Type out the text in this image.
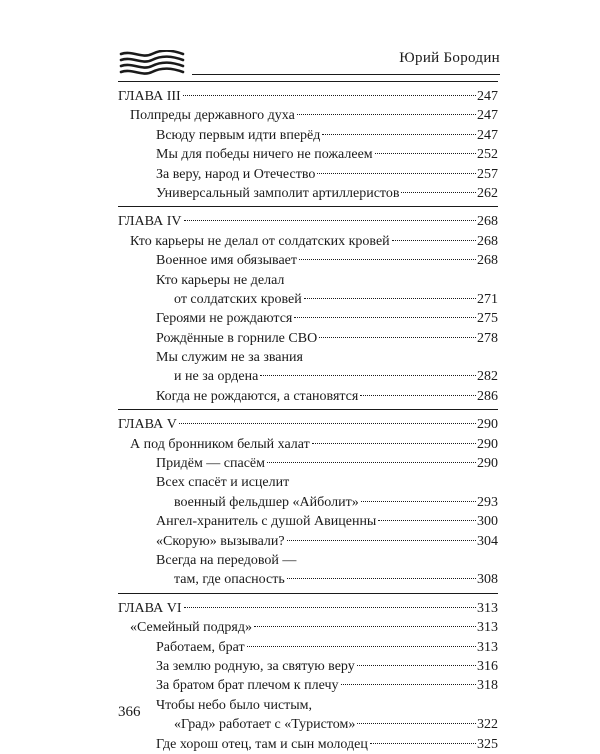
Юрий Бородин
ГЛАВА III	247
Полпреды державного духа	247
Всюду первым идти вперёд	247
Мы для победы ничего не пожалеем	252
За веру, народ и Отечество	257
Универсальный замполит артиллеристов	262
ГЛАВА IV	268
Кто карьеры не делал от солдатских кровей	268
Военное имя обязывает	268
Кто карьеры не делал
от солдатских кровей	271
Героями не рождаются	275
Рождённые в горниле СВО	278
Мы служим не за звания
и не за ордена	282
Когда не рождаются, а становятся	286
ГЛАВА V	290
А под бронником белый халат	290
Придём — спасём	290
Всех спасёт и исцелит
военный фельдшер «Айболит»	293
Ангел-хранитель с душой Авиценны	300
«Скорую» вызывали?	304
Всегда на передовой —
там, где опасность	308
ГЛАВА VI	313
«Семейный подряд»	313
Работаем, брат	313
За землю родную, за святую веру	316
За братом брат плечом к плечу	318
Чтобы небо было чистым,
«Град» работает с «Туристом»	322
Где хорош отец, там и сын молодец	325
366
